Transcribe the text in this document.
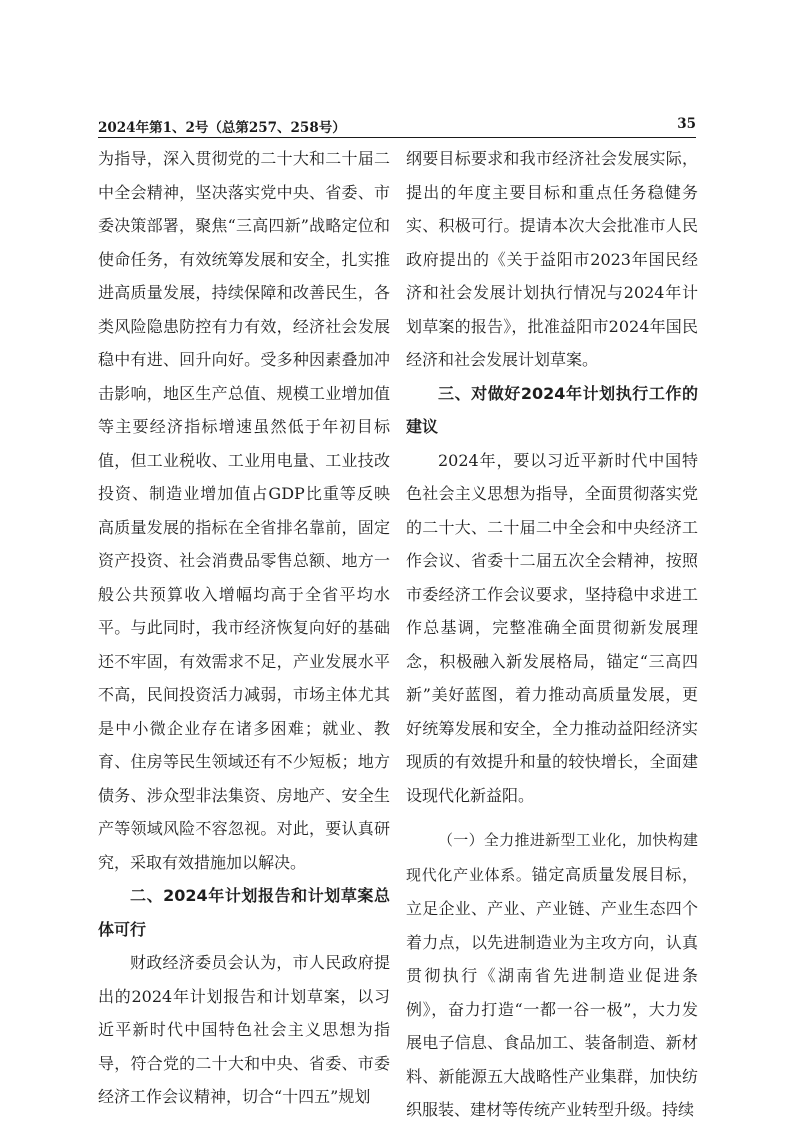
2024年第1、2号（总第257、258号）	35

为指导，深入贯彻党的二十大和二十届二中全会精神，坚决落实党中央、省委、市委决策部署，聚焦“三高四新”战略定位和使命任务，有效统筹发展和安全，扎实推进高质量发展，持续保障和改善民生，各类风险隐患防控有力有效，经济社会发展稳中有进、回升向好。受多种因素叠加冲击影响，地区生产总值、规模工业增加值等主要经济指标增速虽然低于年初目标值，但工业税收、工业用电量、工业技改投资、制造业增加值占GDP比重等反映高质量发展的指标在全省排名靠前，固定资产投资、社会消费品零售总额、地方一般公共预算收入增幅均高于全省平均水平。与此同时，我市经济恢复向好的基础还不牢固，有效需求不足，产业发展水平不高，民间投资活力减弱，市场主体尤其是中小微企业存在诸多困难；就业、教育、住房等民生领域还有不少短板；地方债务、涉众型非法集资、房地产、安全生产等领域风险不容忽视。对此，要认真研究，采取有效措施加以解决。

二、2024年计划报告和计划草案总体可行

财政经济委员会认为，市人民政府提出的2024年计划报告和计划草案，以习近平新时代中国特色社会主义思想为指导，符合党的二十大和中央、省委、市委经济工作会议精神，切合“十四五”规划

纲要目标要求和我市经济社会发展实际，提出的年度主要目标和重点任务稳健务实、积极可行。提请本次大会批准市人民政府提出的《关于益阳市2023年国民经济和社会发展计划执行情况与2024年计划草案的报告》，批准益阳市2024年国民经济和社会发展计划草案。

三、对做好2024年计划执行工作的建议

2024年，要以习近平新时代中国特色社会主义思想为指导，全面贯彻落实党的二十大、二十届二中全会和中央经济工作会议、省委十二届五次全会精神，按照市委经济工作会议要求，坚持稳中求进工作总基调，完整准确全面贯彻新发展理念，积极融入新发展格局，锚定“三高四新”美好蓝图，着力推动高质量发展，更好统筹发展和安全，全力推动益阳经济实现质的有效提升和量的较快增长，全面建设现代化新益阳。

（一）全力推进新型工业化，加快构建现代化产业体系。锚定高质量发展目标，立足企业、产业、产业链、产业生态四个着力点，以先进制造业为主攻方向，认真贯彻执行《湖南省先进制造业促进条例》，奋力打造“一都一谷一极”，大力发展电子信息、食品加工、装备制造、新材料、新能源五大战略性产业集群，加快纺织服装、建材等传统产业转型升级。持续
